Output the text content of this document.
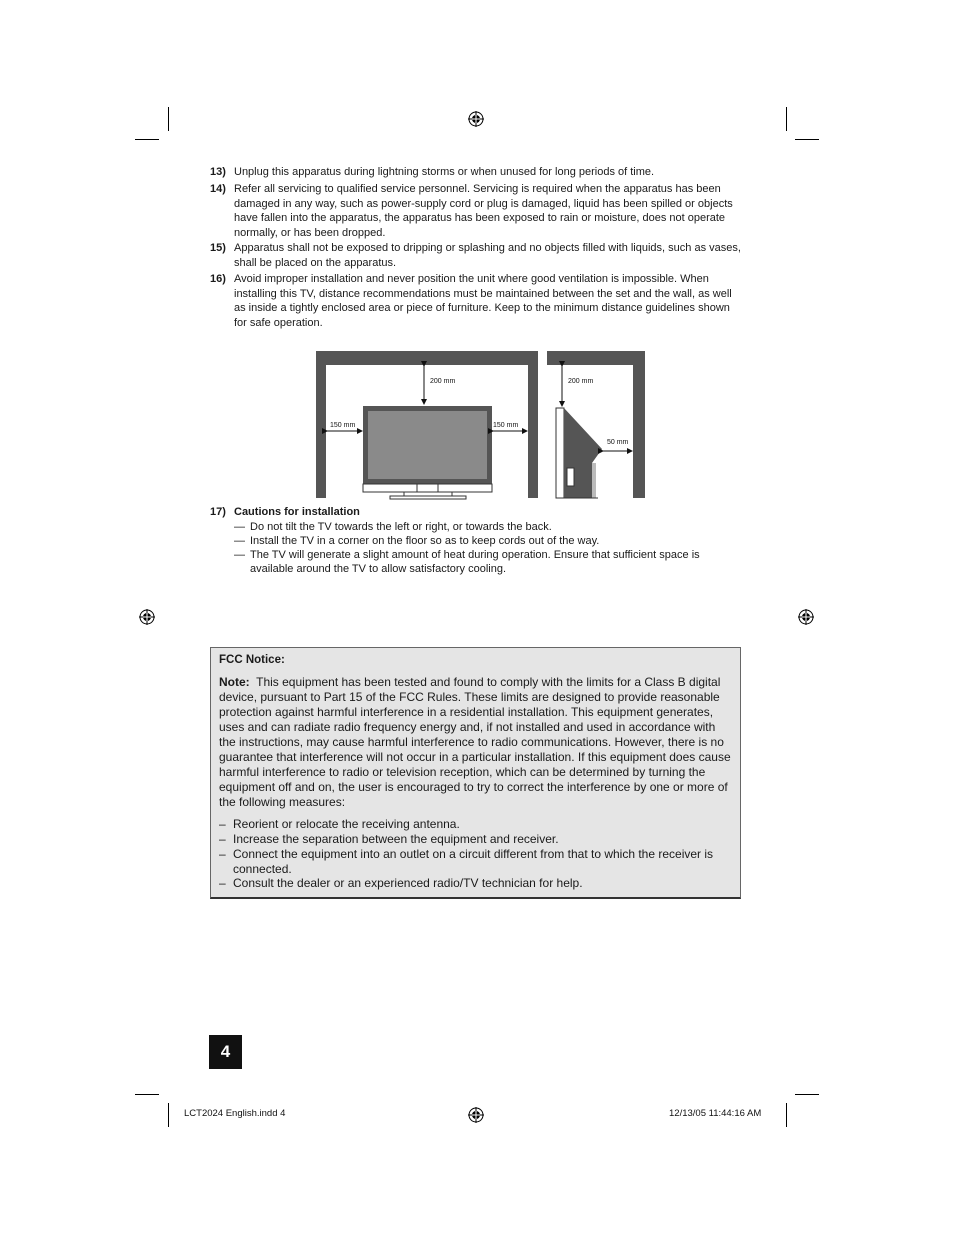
13) Unplug this apparatus during lightning storms or when unused for long periods of time.
14) Refer all servicing to qualified service personnel. Servicing is required when the apparatus has been damaged in any way, such as power-supply cord or plug is damaged, liquid has been spilled or objects have fallen into the apparatus, the apparatus has been exposed to rain or moisture, does not operate normally, or has been dropped.
15) Apparatus shall not be exposed to dripping or splashing and no objects filled with liquids, such as vases, shall be placed on the apparatus.
16) Avoid improper installation and never position the unit where good ventilation is impossible. When installing this TV, distance recommendations must be maintained between the set and the wall, as well as inside a tightly enclosed area or piece of furniture. Keep to the minimum distance guidelines shown for safe operation.
200 mm
150 mm	150 mm
200 mm
50 mm
17) Cautions for installation
— Do not tilt the TV towards the left or right, or towards the back.
— Install the TV in a corner on the floor so as to keep cords out of the way.
— The TV will generate a slight amount of heat during operation. Ensure that sufficient space is available around the TV to allow satisfactory cooling.
FCC Notice:
Note: This equipment has been tested and found to comply with the limits for a Class B digital device, pursuant to Part 15 of the FCC Rules. These limits are designed to provide reasonable protection against harmful interference in a residential installation. This equipment generates, uses and can radiate radio frequency energy and, if not installed and used in accordance with the instructions, may cause harmful interference to radio communications. However, there is no guarantee that interference will not occur in a particular installation. If this equipment does cause harmful interference to radio or television reception, which can be determined by turning the equipment off and on, the user is encouraged to try to correct the interference by one or more of the following measures:
– Reorient or relocate the receiving antenna.
– Increase the separation between the equipment and receiver.
– Connect the equipment into an outlet on a circuit different from that to which the receiver is connected.
– Consult the dealer or an experienced radio/TV technician for help.
4
LCT2024 English.indd 4	12/13/05 11:44:16 AM
